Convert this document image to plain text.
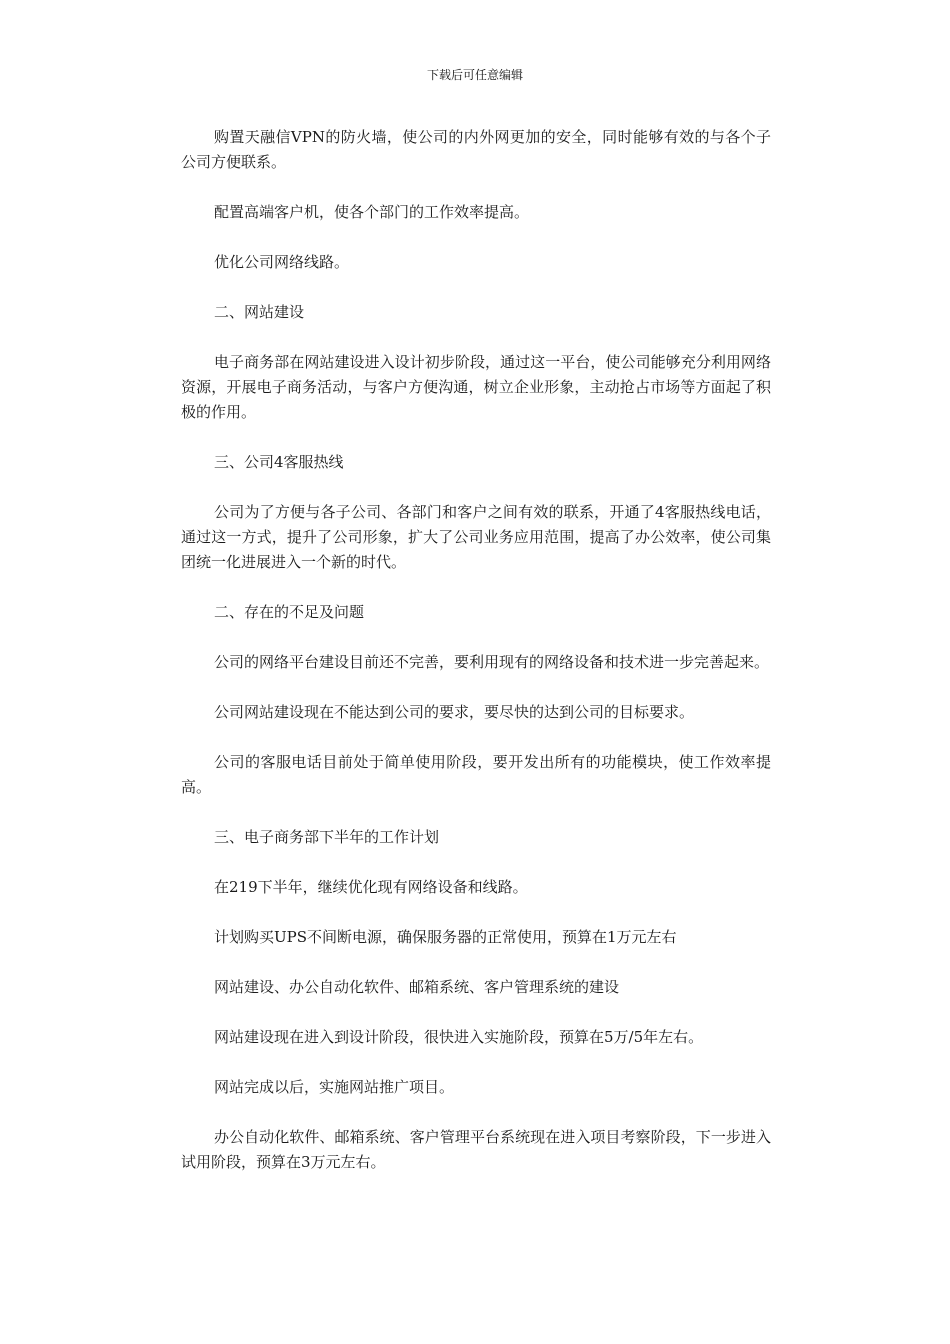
下载后可任意编辑

购置天融信VPN的防火墙，使公司的内外网更加的安全，同时能够有效的与各个子公司方便联系。

配置高端客户机，使各个部门的工作效率提高。

优化公司网络线路。

二、网站建设

电子商务部在网站建设进入设计初步阶段，通过这一平台，使公司能够充分利用网络资源，开展电子商务活动，与客户方便沟通，树立企业形象，主动抢占市场等方面起了积极的作用。

三、公司4客服热线

公司为了方便与各子公司、各部门和客户之间有效的联系，开通了4客服热线电话，通过这一方式，提升了公司形象，扩大了公司业务应用范围，提高了办公效率，使公司集团统一化进展进入一个新的时代。

二、存在的不足及问题

公司的网络平台建设目前还不完善，要利用现有的网络设备和技术进一步完善起来。

公司网站建设现在不能达到公司的要求，要尽快的达到公司的目标要求。

公司的客服电话目前处于简单使用阶段，要开发出所有的功能模块，使工作效率提高。

三、电子商务部下半年的工作计划

在219下半年，继续优化现有网络设备和线路。

计划购买UPS不间断电源，确保服务器的正常使用，预算在1万元左右

网站建设、办公自动化软件、邮箱系统、客户管理系统的建设

网站建设现在进入到设计阶段，很快进入实施阶段，预算在5万/5年左右。

网站完成以后，实施网站推广项目。

办公自动化软件、邮箱系统、客户管理平台系统现在进入项目考察阶段，下一步进入试用阶段，预算在3万元左右。
